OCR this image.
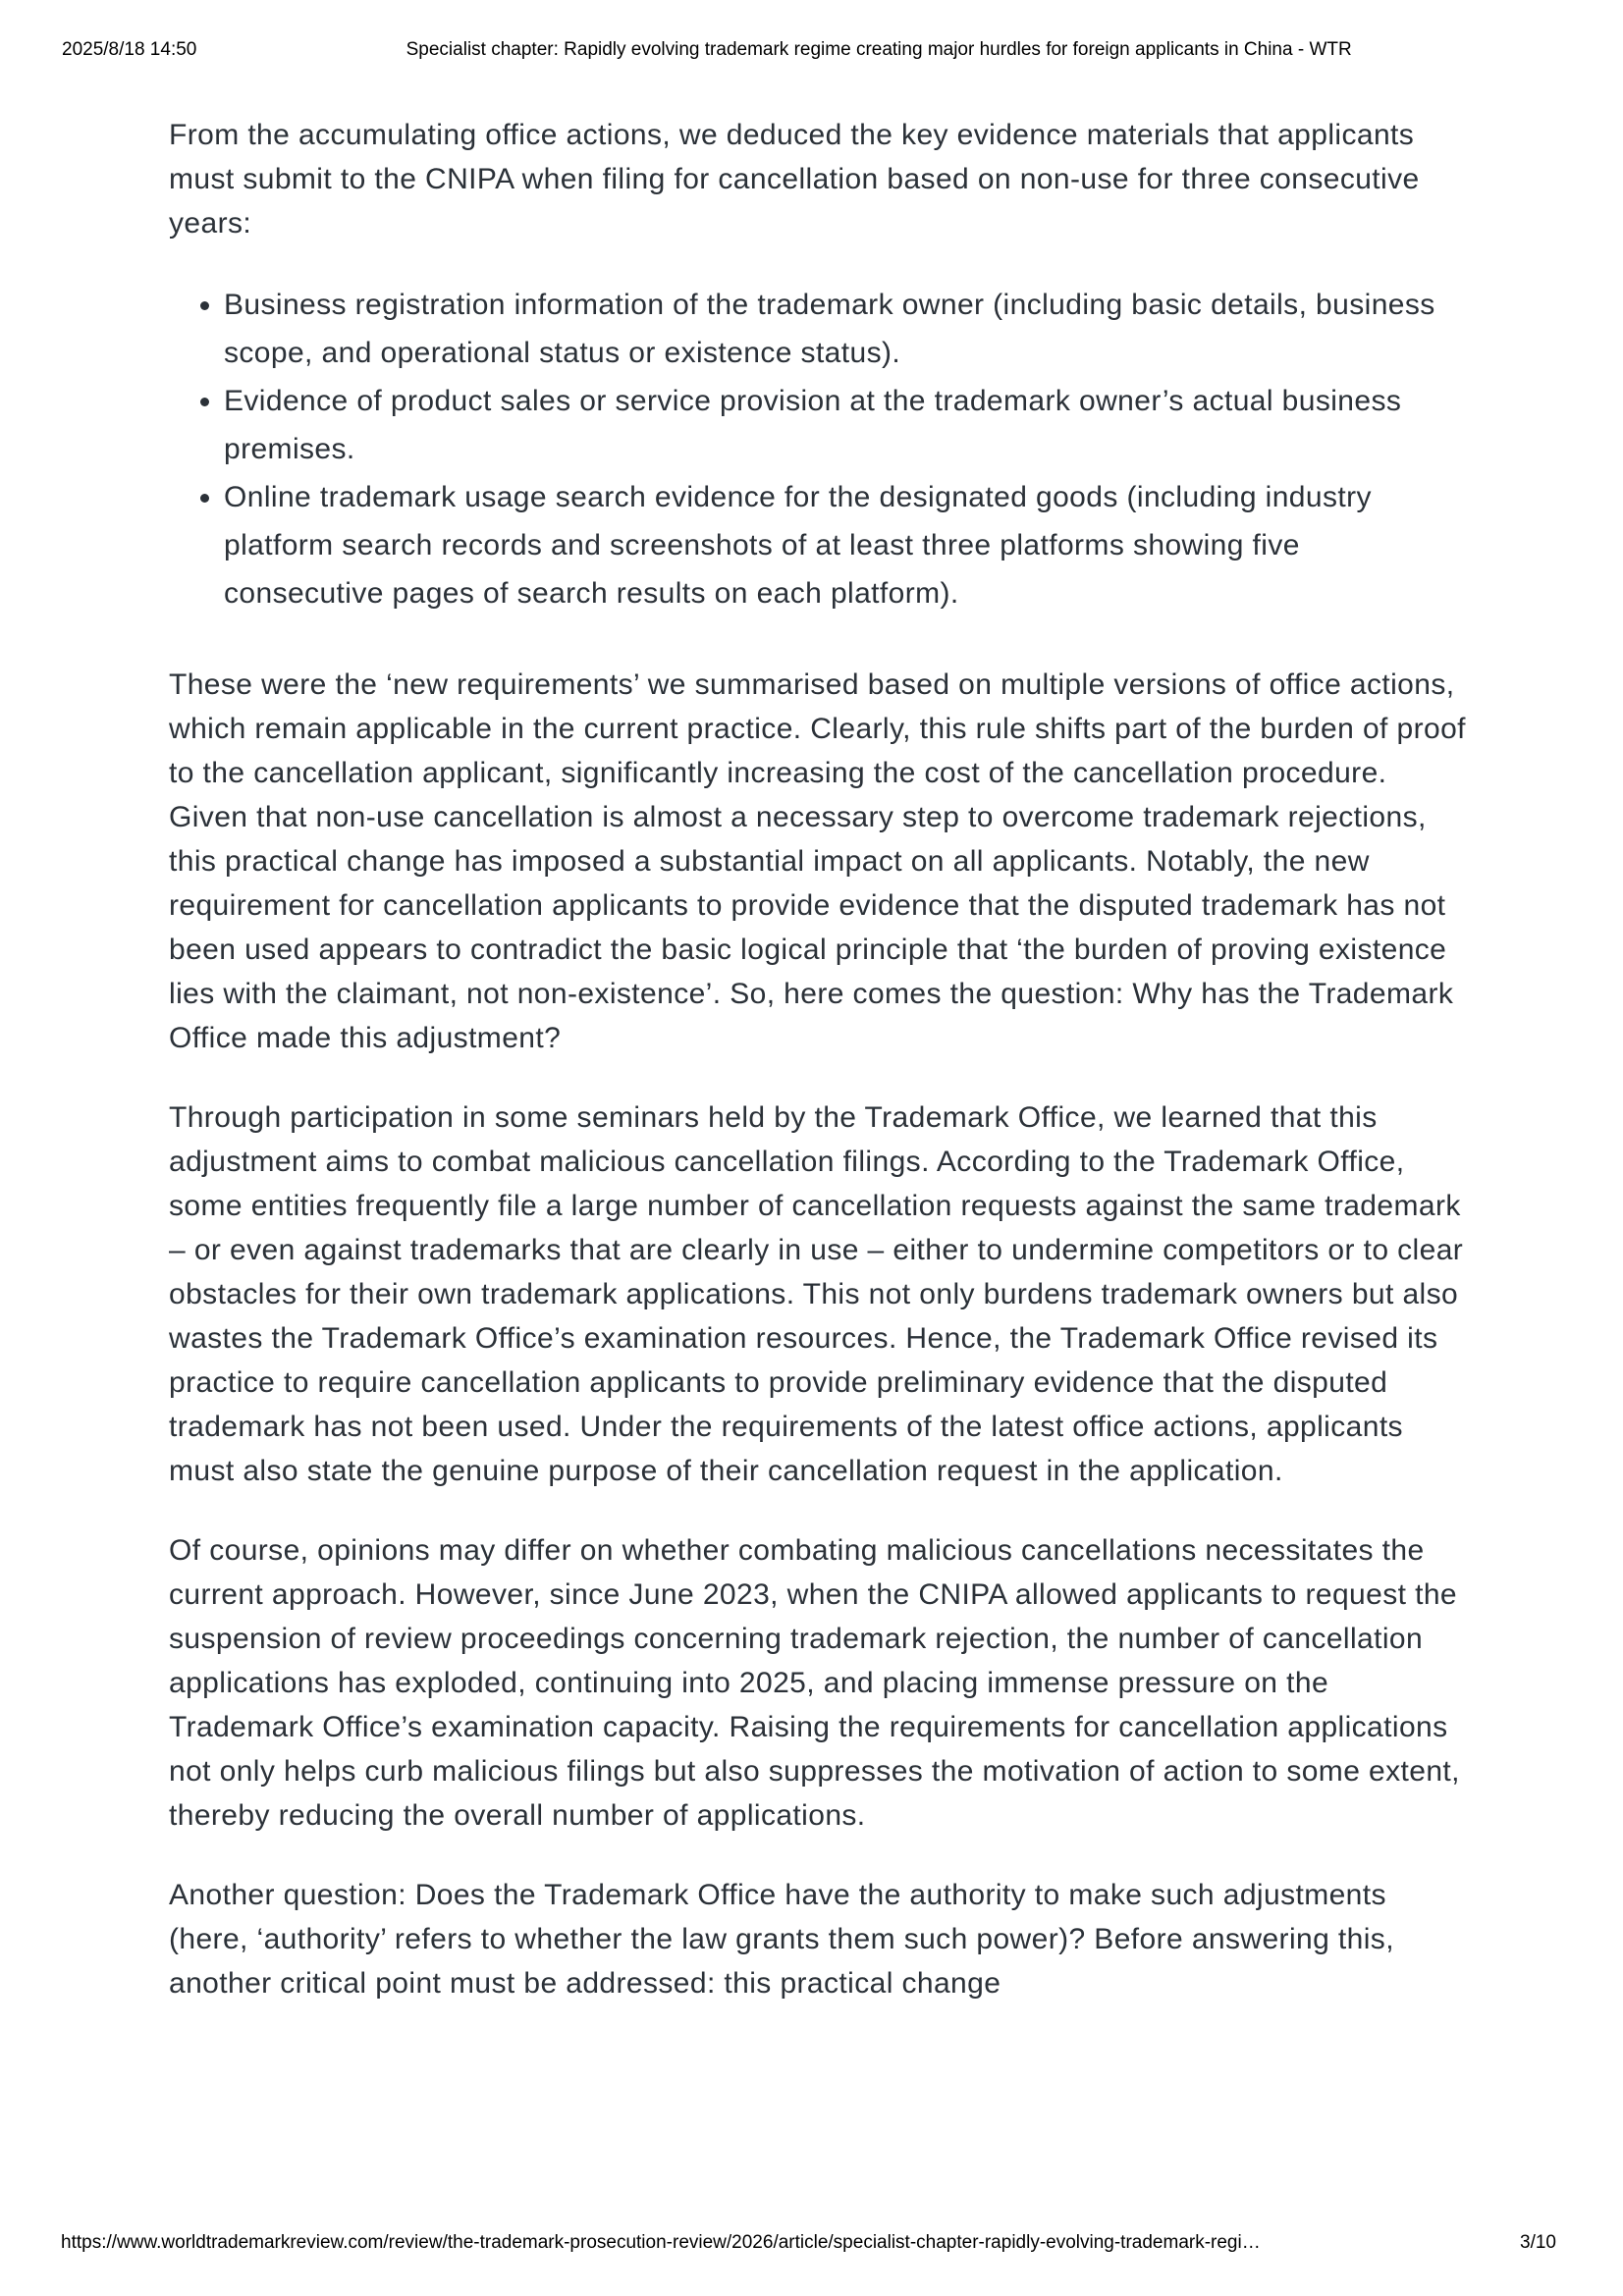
2025/8/18 14:50	Specialist chapter: Rapidly evolving trademark regime creating major hurdles for foreign applicants in China - WTR

From the accumulating office actions, we deduced the key evidence materials that applicants must submit to the CNIPA when filing for cancellation based on non-use for three consecutive years:

• Business registration information of the trademark owner (including basic details, business scope, and operational status or existence status).
• Evidence of product sales or service provision at the trademark owner’s actual business premises.
• Online trademark usage search evidence for the designated goods (including industry platform search records and screenshots of at least three platforms showing five consecutive pages of search results on each platform).

These were the ‘new requirements’ we summarised based on multiple versions of office actions, which remain applicable in the current practice. Clearly, this rule shifts part of the burden of proof to the cancellation applicant, significantly increasing the cost of the cancellation procedure. Given that non-use cancellation is almost a necessary step to overcome trademark rejections, this practical change has imposed a substantial impact on all applicants. Notably, the new requirement for cancellation applicants to provide evidence that the disputed trademark has not been used appears to contradict the basic logical principle that ‘the burden of proving existence lies with the claimant, not non-existence’. So, here comes the question: Why has the Trademark Office made this adjustment?

Through participation in some seminars held by the Trademark Office, we learned that this adjustment aims to combat malicious cancellation filings. According to the Trademark Office, some entities frequently file a large number of cancellation requests against the same trademark – or even against trademarks that are clearly in use – either to undermine competitors or to clear obstacles for their own trademark applications. This not only burdens trademark owners but also wastes the Trademark Office’s examination resources. Hence, the Trademark Office revised its practice to require cancellation applicants to provide preliminary evidence that the disputed trademark has not been used. Under the requirements of the latest office actions, applicants must also state the genuine purpose of their cancellation request in the application.

Of course, opinions may differ on whether combating malicious cancellations necessitates the current approach. However, since June 2023, when the CNIPA allowed applicants to request the suspension of review proceedings concerning trademark rejection, the number of cancellation applications has exploded, continuing into 2025, and placing immense pressure on the Trademark Office’s examination capacity. Raising the requirements for cancellation applications not only helps curb malicious filings but also suppresses the motivation of action to some extent, thereby reducing the overall number of applications.

Another question: Does the Trademark Office have the authority to make such adjustments (here, ‘authority’ refers to whether the law grants them such power)? Before answering this, another critical point must be addressed: this practical change

https://www.worldtrademarkreview.com/review/the-trademark-prosecution-review/2026/article/specialist-chapter-rapidly-evolving-trademark-regi…	3/10
